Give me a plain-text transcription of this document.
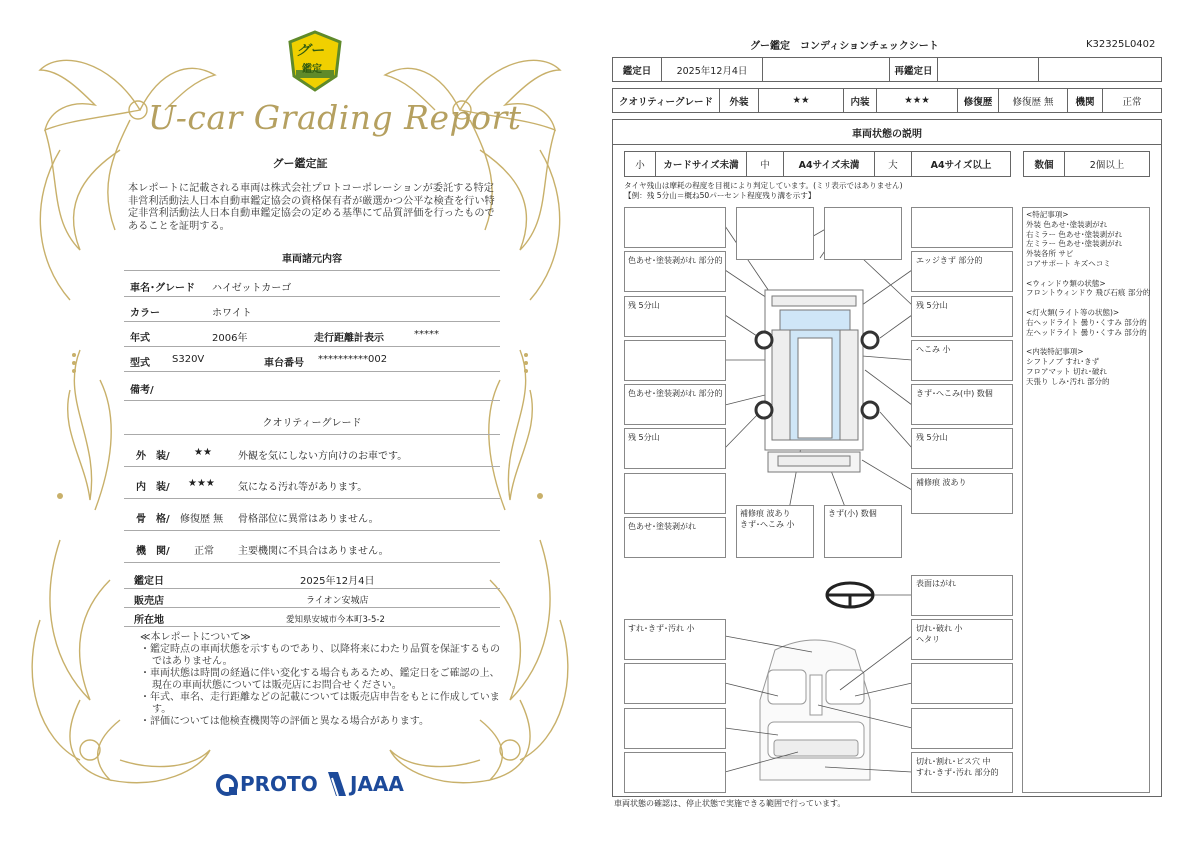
グー
鑑定
U-car Grading Report
グー鑑定証
本レポートに記載される車両は株式会社プロトコーポレーションが委託する特定非営利活動法人日本自動車鑑定協会の資格保有者が厳選かつ公平な検査を行い特定非営利活動法人日本自動車鑑定協会の定める基準にて品質評価を行ったものであることを証明する。
車両諸元内容
車名･グレード ハイゼットカーゴ
カラー	ホワイト
年式	2006年	走行距離計表示	*****
型式 S320V	車台番号 **********002
備考/
クオリティーグレード
外　装/ ★★	外観を気にしない方向けのお車です。
内　装/ ★★★ 気になる汚れ等があります。
骨　格/ 修復歴 無 骨格部位に異常はありません。
機　関/ 正常 主要機関に不具合はありません。
鑑定日	2025年12月4日
販売店	ライオン安城店
所在地	愛知県安城市今本町3-5-2
≪本レポートについて≫
・鑑定時点の車両状態を示すものであり、以降将来にわたり品質を保証するものではありません。
・車両状態は時間の経過に伴い変化する場合もあるため、鑑定日をご確認の上、現在の車両状態については販売店にお問合せください。
・年式、車名、走行距離などの記載については販売店申告をもとに作成しています。
・評価については他検査機関等の評価と異なる場合があります。
PROTO JAAA
グー鑑定　コンディションチェックシート	K32325L0402
鑑定日	2025年12月4日	再鑑定日
クオリティーグレード	外装	★★	内装	★★★	修復歴	修復歴 無	機関	正常
車両状態の説明
小	カードサイズ未満	中	A4サイズ未満	大	A4サイズ以上	数個	2個以上
タイヤ残山は摩耗の程度を目視により判定しています。(ミリ表示ではありません)
【例：残 5分山＝概ね50パーセント程度残り溝を示す】
色あせ･塗装剥がれ 部分的
残 5分山
色あせ･塗装剥がれ 部分的
残 5分山
色あせ･塗装剥がれ
エッジきず 部分的
残 5分山
へこみ 小
きず･へこみ(中) 数個
残 5分山
補修痕 波あり
補修痕 波あり
きず･へこみ 小
きず(小) 数個
<特記事項>
外装 色あせ･塗装剥がれ
右ミラー 色あせ･塗装剥がれ
左ミラー 色あせ･塗装剥がれ
外装各所 サビ
コアサポート キズヘコミ
<ウィンドウ類の状態>
フロントウィンドウ 飛び石痕 部分的
<灯火類(ライト等の状態)>
右ヘッドライト 曇り･くすみ 部分的
左ヘッドライト 曇り･くすみ 部分的
<内装特記事項>
シフトノブ すれ･きず
フロアマット 切れ･破れ
天張り しみ･汚れ 部分的
表面はがれ
すれ･きず･汚れ 小	切れ･破れ 小
ヘタリ
切れ･割れ･ビス穴 中
すれ･きず･汚れ 部分的
車両状態の確認は、停止状態で実施できる範囲で行っています。
